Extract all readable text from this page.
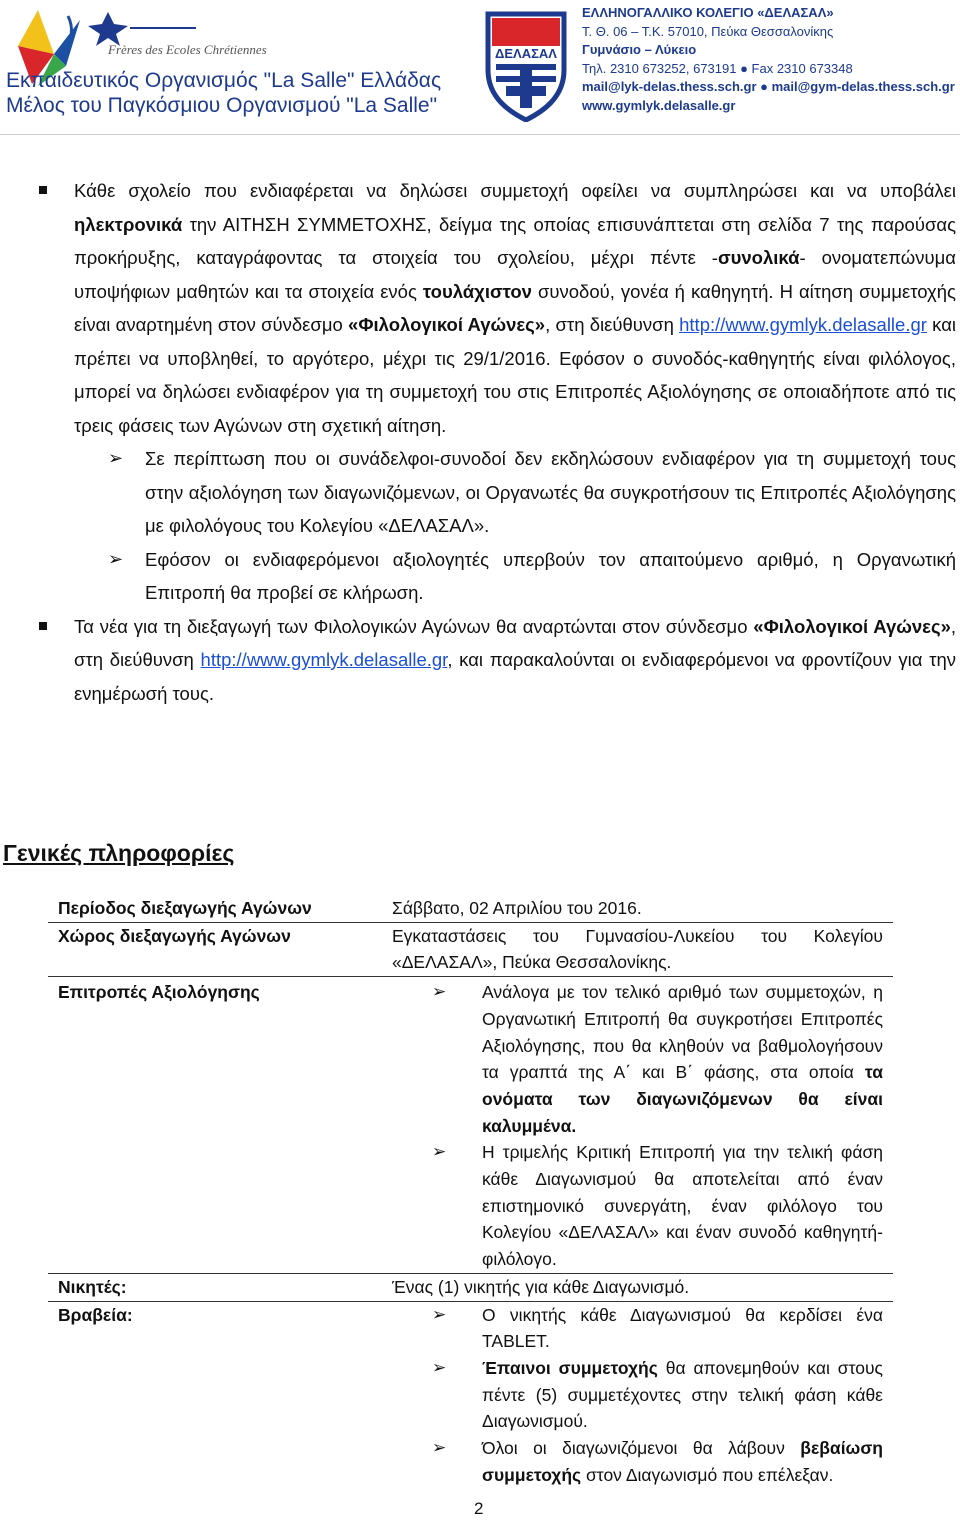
Frères des Ecoles Chrétiennes
Εκπαιδευτικός Οργανισμός "La Salle" Ελλάδας
Μέλος του Παγκόσμιου Οργανισμού "La Salle"
ΔΕΛΑΣΑΛ
ΕΛΛΗΝΟΓΑΛΛΙΚΟ ΚΟΛΕΓΙΟ «ΔΕΛΑΣΑΛ»
Τ. Θ. 06 – Τ.Κ. 57010, Πεύκα Θεσσαλονίκης
Γυμνάσιο – Λύκειο
Τηλ. 2310 673252, 673191 ● Fax 2310 673348
mail@lyk-delas.thess.sch.gr ● mail@gym-delas.thess.sch.gr
www.gymlyk.delasalle.gr
Κάθε σχολείο που ενδιαφέρεται να δηλώσει συμμετοχή οφείλει να συμπληρώσει και να υποβάλει ηλεκτρονικά την ΑΙΤΗΣΗ ΣΥΜΜΕΤΟΧΗΣ, δείγμα της οποίας επισυνάπτεται στη σελίδα 7 της παρούσας προκήρυξης, καταγράφοντας τα στοιχεία του σχολείου, μέχρι πέντε -συνολικά- ονοματεπώνυμα υποψήφιων μαθητών και τα στοιχεία ενός τουλάχιστον συνοδού, γονέα ή καθηγητή. Η αίτηση συμμετοχής είναι αναρτημένη στον σύνδεσμο «Φιλολογικοί Αγώνες», στη διεύθυνση http://www.gymlyk.delasalle.gr και πρέπει να υποβληθεί, το αργότερο, μέχρι τις 29/1/2016. Εφόσον ο συνοδός-καθηγητής είναι φιλόλογος, μπορεί να δηλώσει ενδιαφέρον για τη συμμετοχή του στις Επιτροπές Αξιολόγησης σε οποιαδήποτε από τις τρεις φάσεις των Αγώνων στη σχετική αίτηση.
➢ Σε περίπτωση που οι συνάδελφοι-συνοδοί δεν εκδηλώσουν ενδιαφέρον για τη συμμετοχή τους στην αξιολόγηση των διαγωνιζόμενων, οι Οργανωτές θα συγκροτήσουν τις Επιτροπές Αξιολόγησης με φιλολόγους του Κολεγίου «ΔΕΛΑΣΑΛ».
➢ Εφόσον οι ενδιαφερόμενοι αξιολογητές υπερβούν τον απαιτούμενο αριθμό, η Οργανωτική Επιτροπή θα προβεί σε κλήρωση.
Τα νέα για τη διεξαγωγή των Φιλολογικών Αγώνων θα αναρτώνται στον σύνδεσμο «Φιλολογικοί Αγώνες», στη διεύθυνση http://www.gymlyk.delasalle.gr, και παρακαλούνται οι ενδιαφερόμενοι να φροντίζουν για την ενημέρωσή τους.
Γενικές πληροφορίες
Περίοδος διεξαγωγής Αγώνων	Σάββατο, 02 Απριλίου του 2016.
Χώρος διεξαγωγής Αγώνων	Εγκαταστάσεις του Γυμνασίου-Λυκείου του Κολεγίου «ΔΕΛΑΣΑΛ», Πεύκα Θεσσαλονίκης.
Επιτροπές Αξιολόγησης	➢ Ανάλογα με τον τελικό αριθμό των συμμετοχών, η Οργανωτική Επιτροπή θα συγκροτήσει Επιτροπές Αξιολόγησης, που θα κληθούν να βαθμολογήσουν τα γραπτά της Α΄ και Β΄ φάσης, στα οποία τα ονόματα των διαγωνιζόμενων θα είναι καλυμμένα.
➢ Η τριμελής Κριτική Επιτροπή για την τελική φάση κάθε Διαγωνισμού θα αποτελείται από έναν επιστημονικό συνεργάτη, έναν φιλόλογο του Κολεγίου «ΔΕΛΑΣΑΛ» και έναν συνοδό καθηγητή-φιλόλογο.
Νικητές:	Ένας (1) νικητής για κάθε Διαγωνισμό.
Βραβεία:	➢ Ο νικητής κάθε Διαγωνισμού θα κερδίσει ένα TABLET.
➢ Έπαινοι συμμετοχής θα απονεμηθούν και στους πέντε (5) συμμετέχοντες στην τελική φάση κάθε Διαγωνισμού.
➢ Όλοι οι διαγωνιζόμενοι θα λάβουν βεβαίωση συμμετοχής στον Διαγωνισμό που επέλεξαν.
2
